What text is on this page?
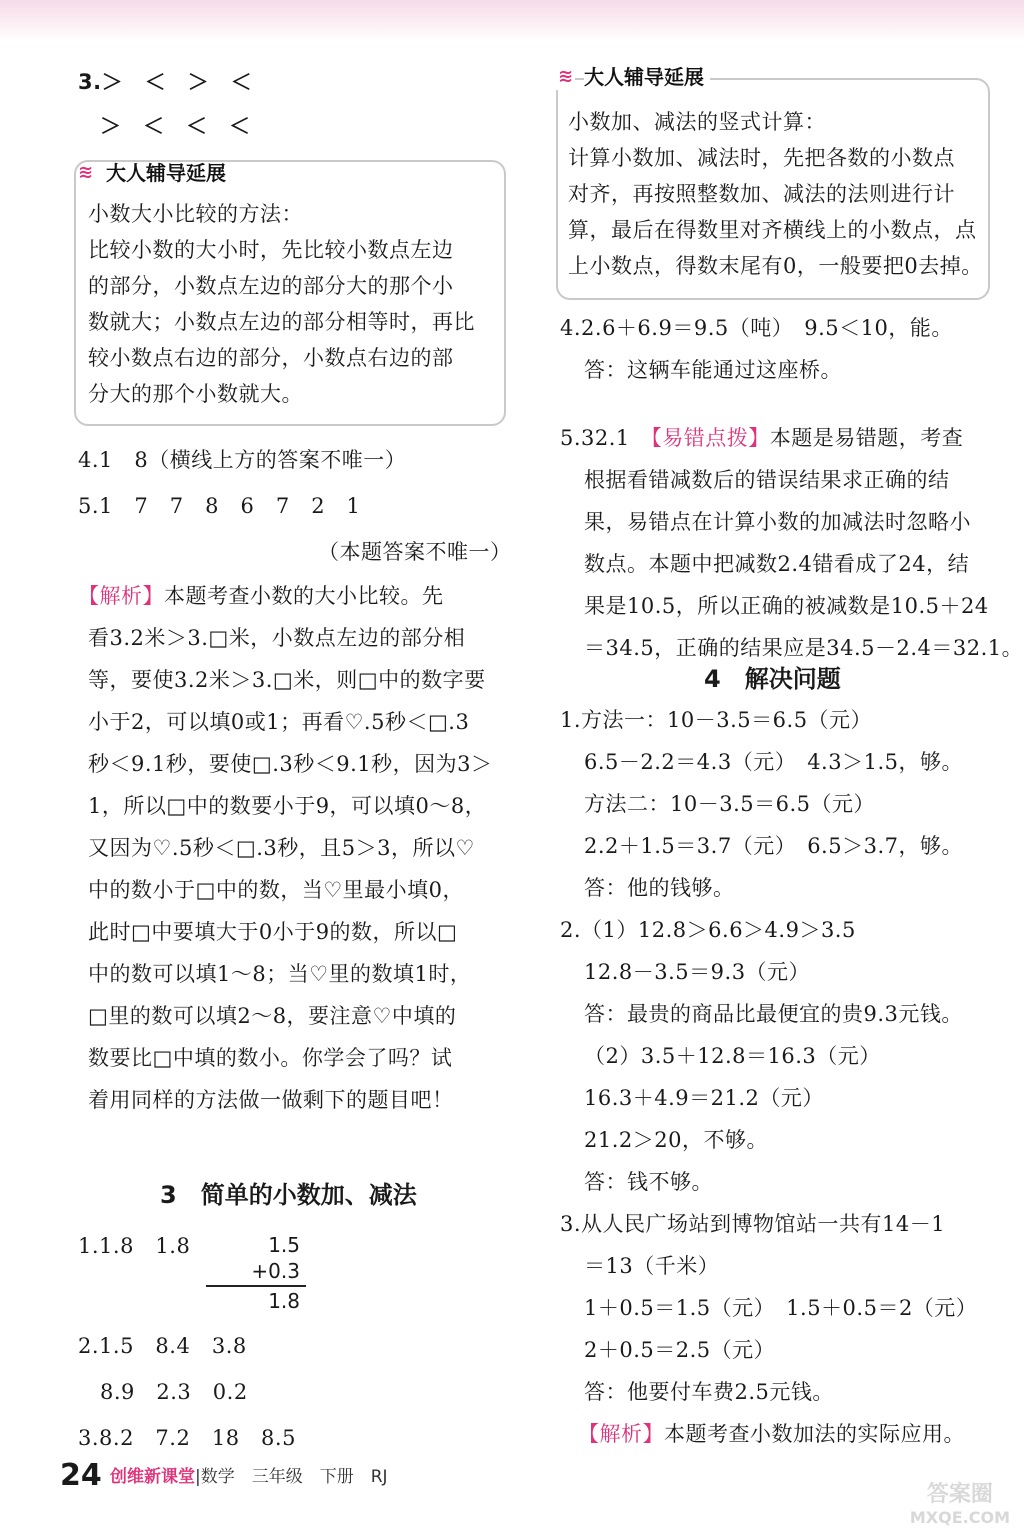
3.＞　＜　＞　＜
＞　＜　＜　＜
≋ 大人辅导延展
小数大小比较的方法：
比较小数的大小时，先比较小数点左边
的部分，小数点左边的部分大的那个小
数就大；小数点左边的部分相等时，再比
较小数点右边的部分，小数点右边的部
分大的那个小数就大。
4.1　8（横线上方的答案不唯一）
5.1　7　7　8　6　7　2　1
（本题答案不唯一）
【解析】本题考查小数的大小比较。先
看3.2米＞3.□米，小数点左边的部分相
等，要使3.2米＞3.□米，则□中的数字要
小于2，可以填0或1；再看♡.5秒＜□.3
秒＜9.1秒，要使□.3秒＜9.1秒，因为3＞
1，所以□中的数要小于9，可以填0～8，
又因为♡.5秒＜□.3秒，且5＞3，所以♡
中的数小于□中的数，当♡里最小填0，
此时□中要填大于0小于9的数，所以□
中的数可以填1～8；当♡里的数填1时，
□里的数可以填2～8，要注意♡中填的
数要比□中填的数小。你学会了吗？试
着用同样的方法做一做剩下的题目吧！
3　简单的小数加、减法
1.1.8　1.8	1.5
+0.3
1.8
2.1.5　8.4　3.8
8.9　2.3　0.2
3.8.2　7.2　18　8.5
≋ 大人辅导延展
小数加、减法的竖式计算：
计算小数加、减法时，先把各数的小数点
对齐，再按照整数加、减法的法则进行计
算，最后在得数里对齐横线上的小数点，点
上小数点，得数末尾有0，一般要把0去掉。
4.2.6＋6.9＝9.5（吨）　9.5＜10，能。
答：这辆车能通过这座桥。
5.32.1　【易错点拨】本题是易错题，考查
根据看错减数后的错误结果求正确的结
果，易错点在计算小数的加减法时忽略小
数点。本题中把减数2.4错看成了24，结
果是10.5，所以正确的被减数是10.5＋24
＝34.5，正确的结果应是34.5－2.4＝32.1。
4　解决问题
1.方法一：10－3.5＝6.5（元）
6.5－2.2＝4.3（元）　4.3＞1.5，够。
方法二：10－3.5＝6.5（元）
2.2＋1.5＝3.7（元）　6.5＞3.7，够。
答：他的钱够。
2.（1）12.8＞6.6＞4.9＞3.5
12.8－3.5＝9.3（元）
答：最贵的商品比最便宜的贵9.3元钱。
（2）3.5＋12.8＝16.3（元）
16.3＋4.9＝21.2（元）
21.2＞20，不够。
答：钱不够。
3.从人民广场站到博物馆站一共有14－1
＝13（千米）
1＋0.5＝1.5（元）　1.5＋0.5＝2（元）
2＋0.5＝2.5（元）
答：他要付车费2.5元钱。
【解析】本题考查小数加法的实际应用。
24 创维新课堂|数学　三年级　下册　RJ
答案圈
MXQE.COM
